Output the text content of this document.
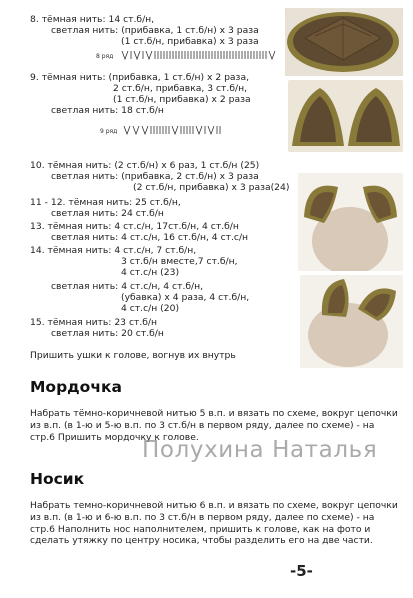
8. тёмная нить: 14 ст.б/н,
светлая нить: (прибавка, 1 ст.б/н) х 3 раза
(1 ст.б/н, прибавка) х 3 раза
8 ряд
9. тёмная нить: (прибавка, 1 ст.б/н) х 2 раза,
2 ст.б/н, прибавка, 3 ст.б/н,
(1 ст.б/н, прибавка) х 2 раза
светлая нить: 18 ст.б/н
9 ряд
10. тёмная нить: (2 ст.б/н) х 6 раз, 1 ст.б/н (25)
светлая нить: (прибавка, 2 ст.б/н) х 3 раза
(2 ст.б/н, прибавка) х 3 раза(24)
11 - 12. тёмная нить: 25 ст.б/н,
светлая нить: 24 ст.б/н
13. тёмная нить: 4 ст.с/н, 17ст.б/н, 4 ст.б/н
светлая нить: 4 ст.с/н, 16 ст.б/н, 4 ст.с/н
14. тёмная нить: 4 ст.с/н, 7 ст.б/н,
3 ст.б/н вместе,7 ст.б/н,
4 ст.с/н (23)
светлая нить: 4 ст.с/н, 4 ст.б/н,
(убавка) х 4 раза, 4 ст.б/н,
4 ст.с/н (20)
15. тёмная нить: 23 ст.б/н
светлая нить: 20 ст.б/н
Пришить ушки к голове, вогнув их внутрь
Мордочка
Набрать тёмно-коричневой нитью 5 в.п. и вязать по схеме, вокруг цепочки из в.п. (в 1-ю и 5-ю в.п. по 3 ст.б/н в первом ряду, далее по схеме) - на стр.6 Пришить мордочку к голове.
Полухина Наталья
Носик
Набрать темно-коричневой нитью 6 в.п. и вязать по схеме, вокруг цепочки из в.п. (в 1-ю и 6-ю в.п. по 3 ст.б/н в первом ряду, далее по схеме) - на стр.6 Наполнить нос наполнителем, пришить к голове, как на фото и сделать утяжку по центру носика, чтобы разделить его на две части.
-5-
